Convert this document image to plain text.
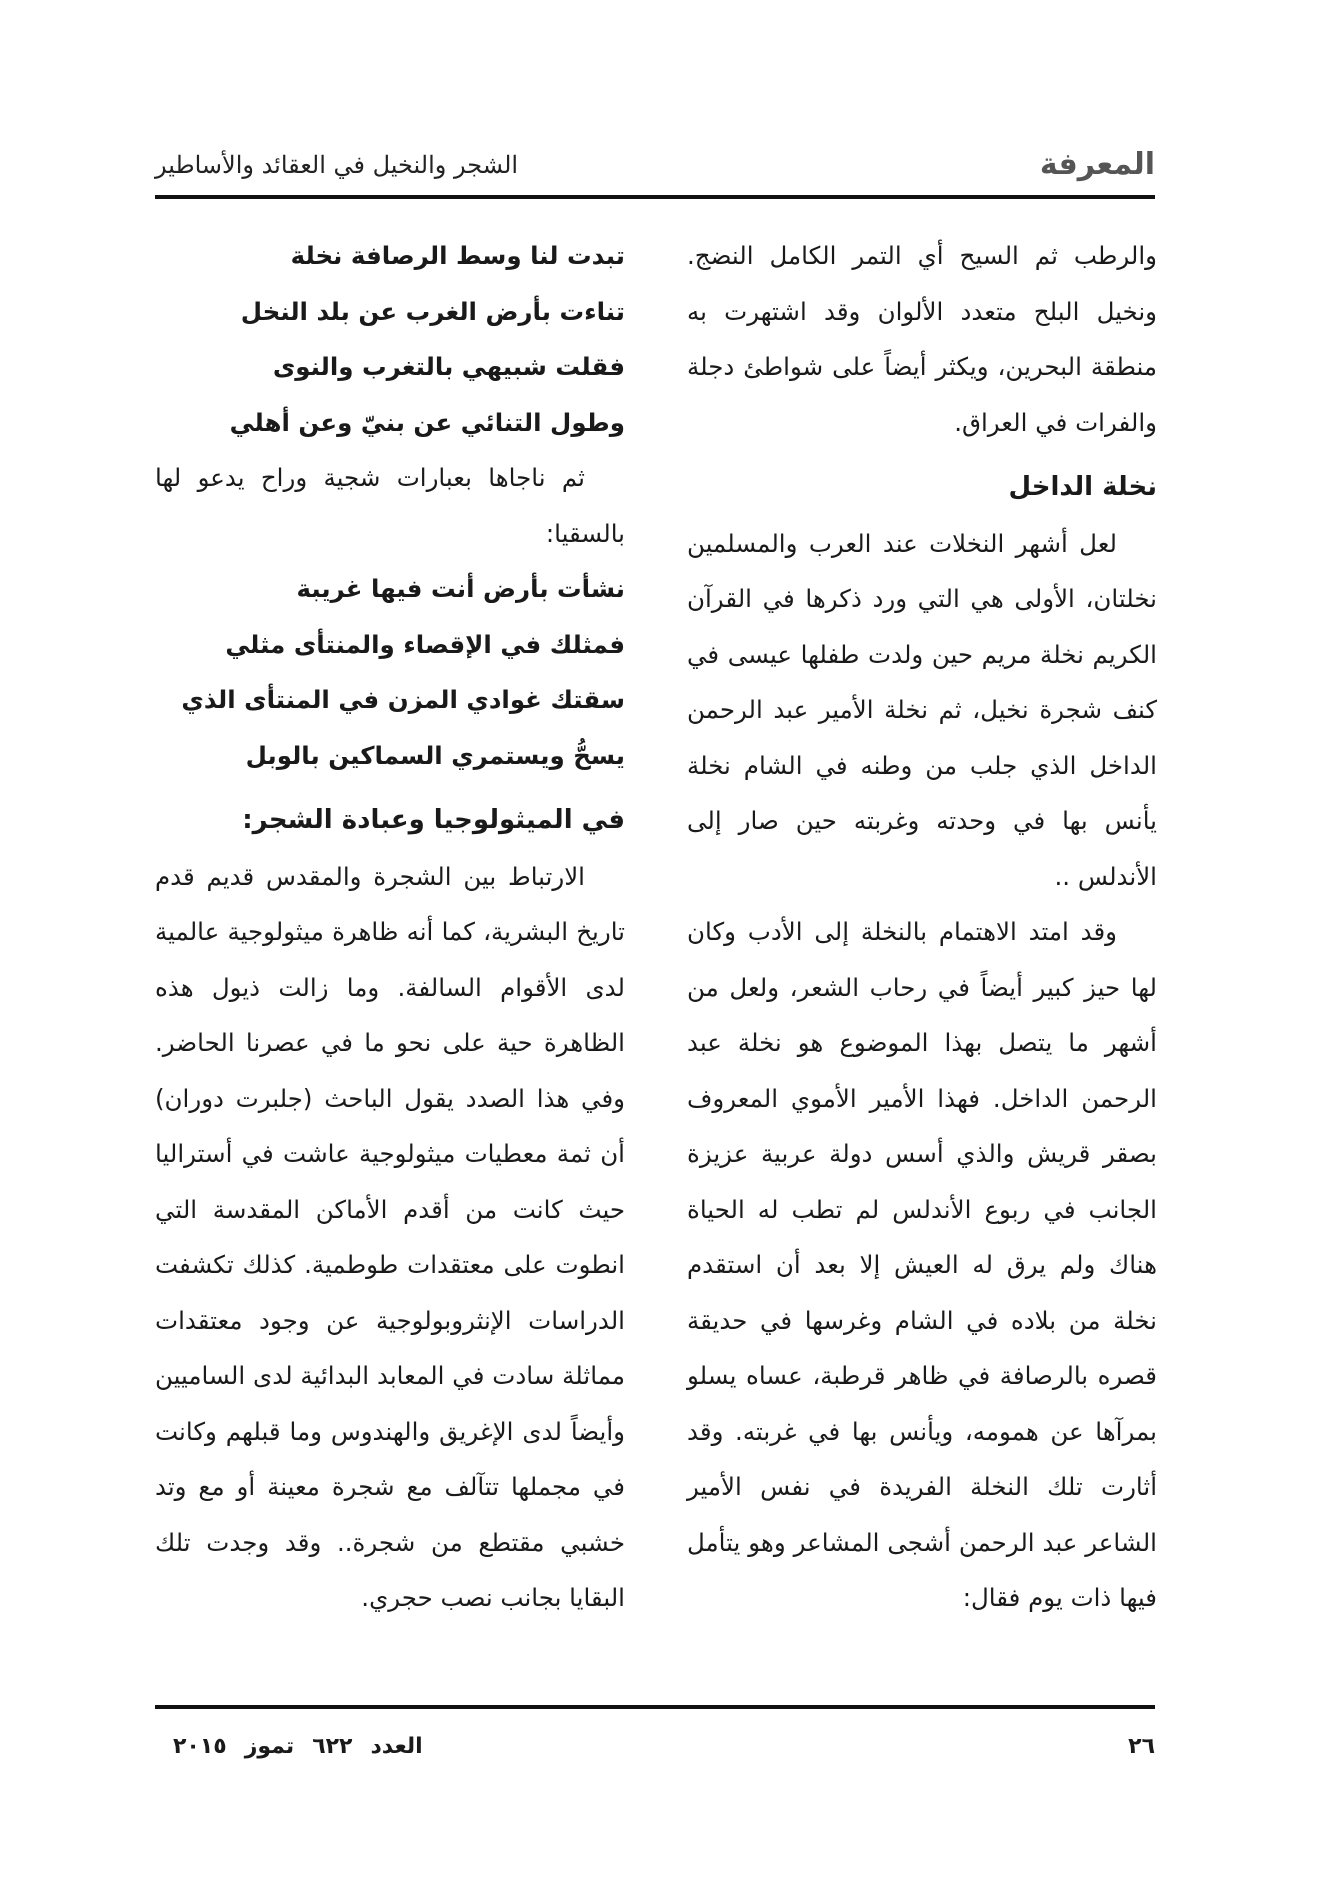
المعرفة
الشجر والنخيل في العقائد والأساطير

والرطب ثم السيح أي التمر الكامل النضج. ونخيل البلح متعدد الألوان وقد اشتهرت به منطقة البحرين، ويكثر أيضاً على شواطئ دجلة والفرات في العراق.

نخلة الداخل

لعل أشهر النخلات عند العرب والمسلمين نخلتان، الأولى هي التي ورد ذكرها في القرآن الكريم نخلة مريم حين ولدت طفلها عيسى في كنف شجرة نخيل، ثم نخلة الأمير عبد الرحمن الداخل الذي جلب من وطنه في الشام نخلة يأنس بها في وحدته وغربته حين صار إلى الأندلس ..

وقد امتد الاهتمام بالنخلة إلى الأدب وكان لها حيز كبير أيضاً في رحاب الشعر، ولعل من أشهر ما يتصل بهذا الموضوع هو نخلة عبد الرحمن الداخل. فهذا الأمير الأموي المعروف بصقر قريش والذي أسس دولة عربية عزيزة الجانب في ربوع الأندلس لم تطب له الحياة هناك ولم يرق له العيش إلا بعد أن استقدم نخلة من بلاده في الشام وغرسها في حديقة قصره بالرصافة في ظاهر قرطبة، عساه يسلو بمرآها عن همومه، ويأنس بها في غربته. وقد أثارت تلك النخلة الفريدة في نفس الأمير الشاعر عبد الرحمن أشجى المشاعر وهو يتأمل فيها ذات يوم فقال:

تبدت لنا وسط الرصافة نخلة

تناءت بأرض الغرب عن بلد النخل

فقلت شبيهي بالتغرب والنوى

وطول التنائي عن بنيّ وعن أهلي

ثم ناجاها بعبارات شجية وراح يدعو لها بالسقيا:

نشأت بأرض أنت فيها غريبة

فمثلك في الإقصاء والمنتأى مثلي

سقتك غوادي المزن في المنتأى الذي

يسحُّ ويستمري السماكين بالوبل

في الميثولوجيا وعبادة الشجر:

الارتباط بين الشجرة والمقدس قديم قدم تاريخ البشرية، كما أنه ظاهرة ميثولوجية عالمية لدى الأقوام السالفة. وما زالت ذيول هذه الظاهرة حية على نحو ما في عصرنا الحاضر. وفي هذا الصدد يقول الباحث (جلبرت دوران) أن ثمة معطيات ميثولوجية عاشت في أستراليا حيث كانت من أقدم الأماكن المقدسة التي انطوت على معتقدات طوطمية. كذلك تكشفت الدراسات الإنثروبولوجية عن وجود معتقدات مماثلة سادت في المعابد البدائية لدى الساميين وأيضاً لدى الإغريق والهندوس وما قبلهم وكانت في مجملها تتآلف مع شجرة معينة أو مع وتد خشبي مقتطع من شجرة.. وقد وجدت تلك البقايا بجانب نصب حجري.

٢٦
العدد٦٢٢تموز٢٠١٥
